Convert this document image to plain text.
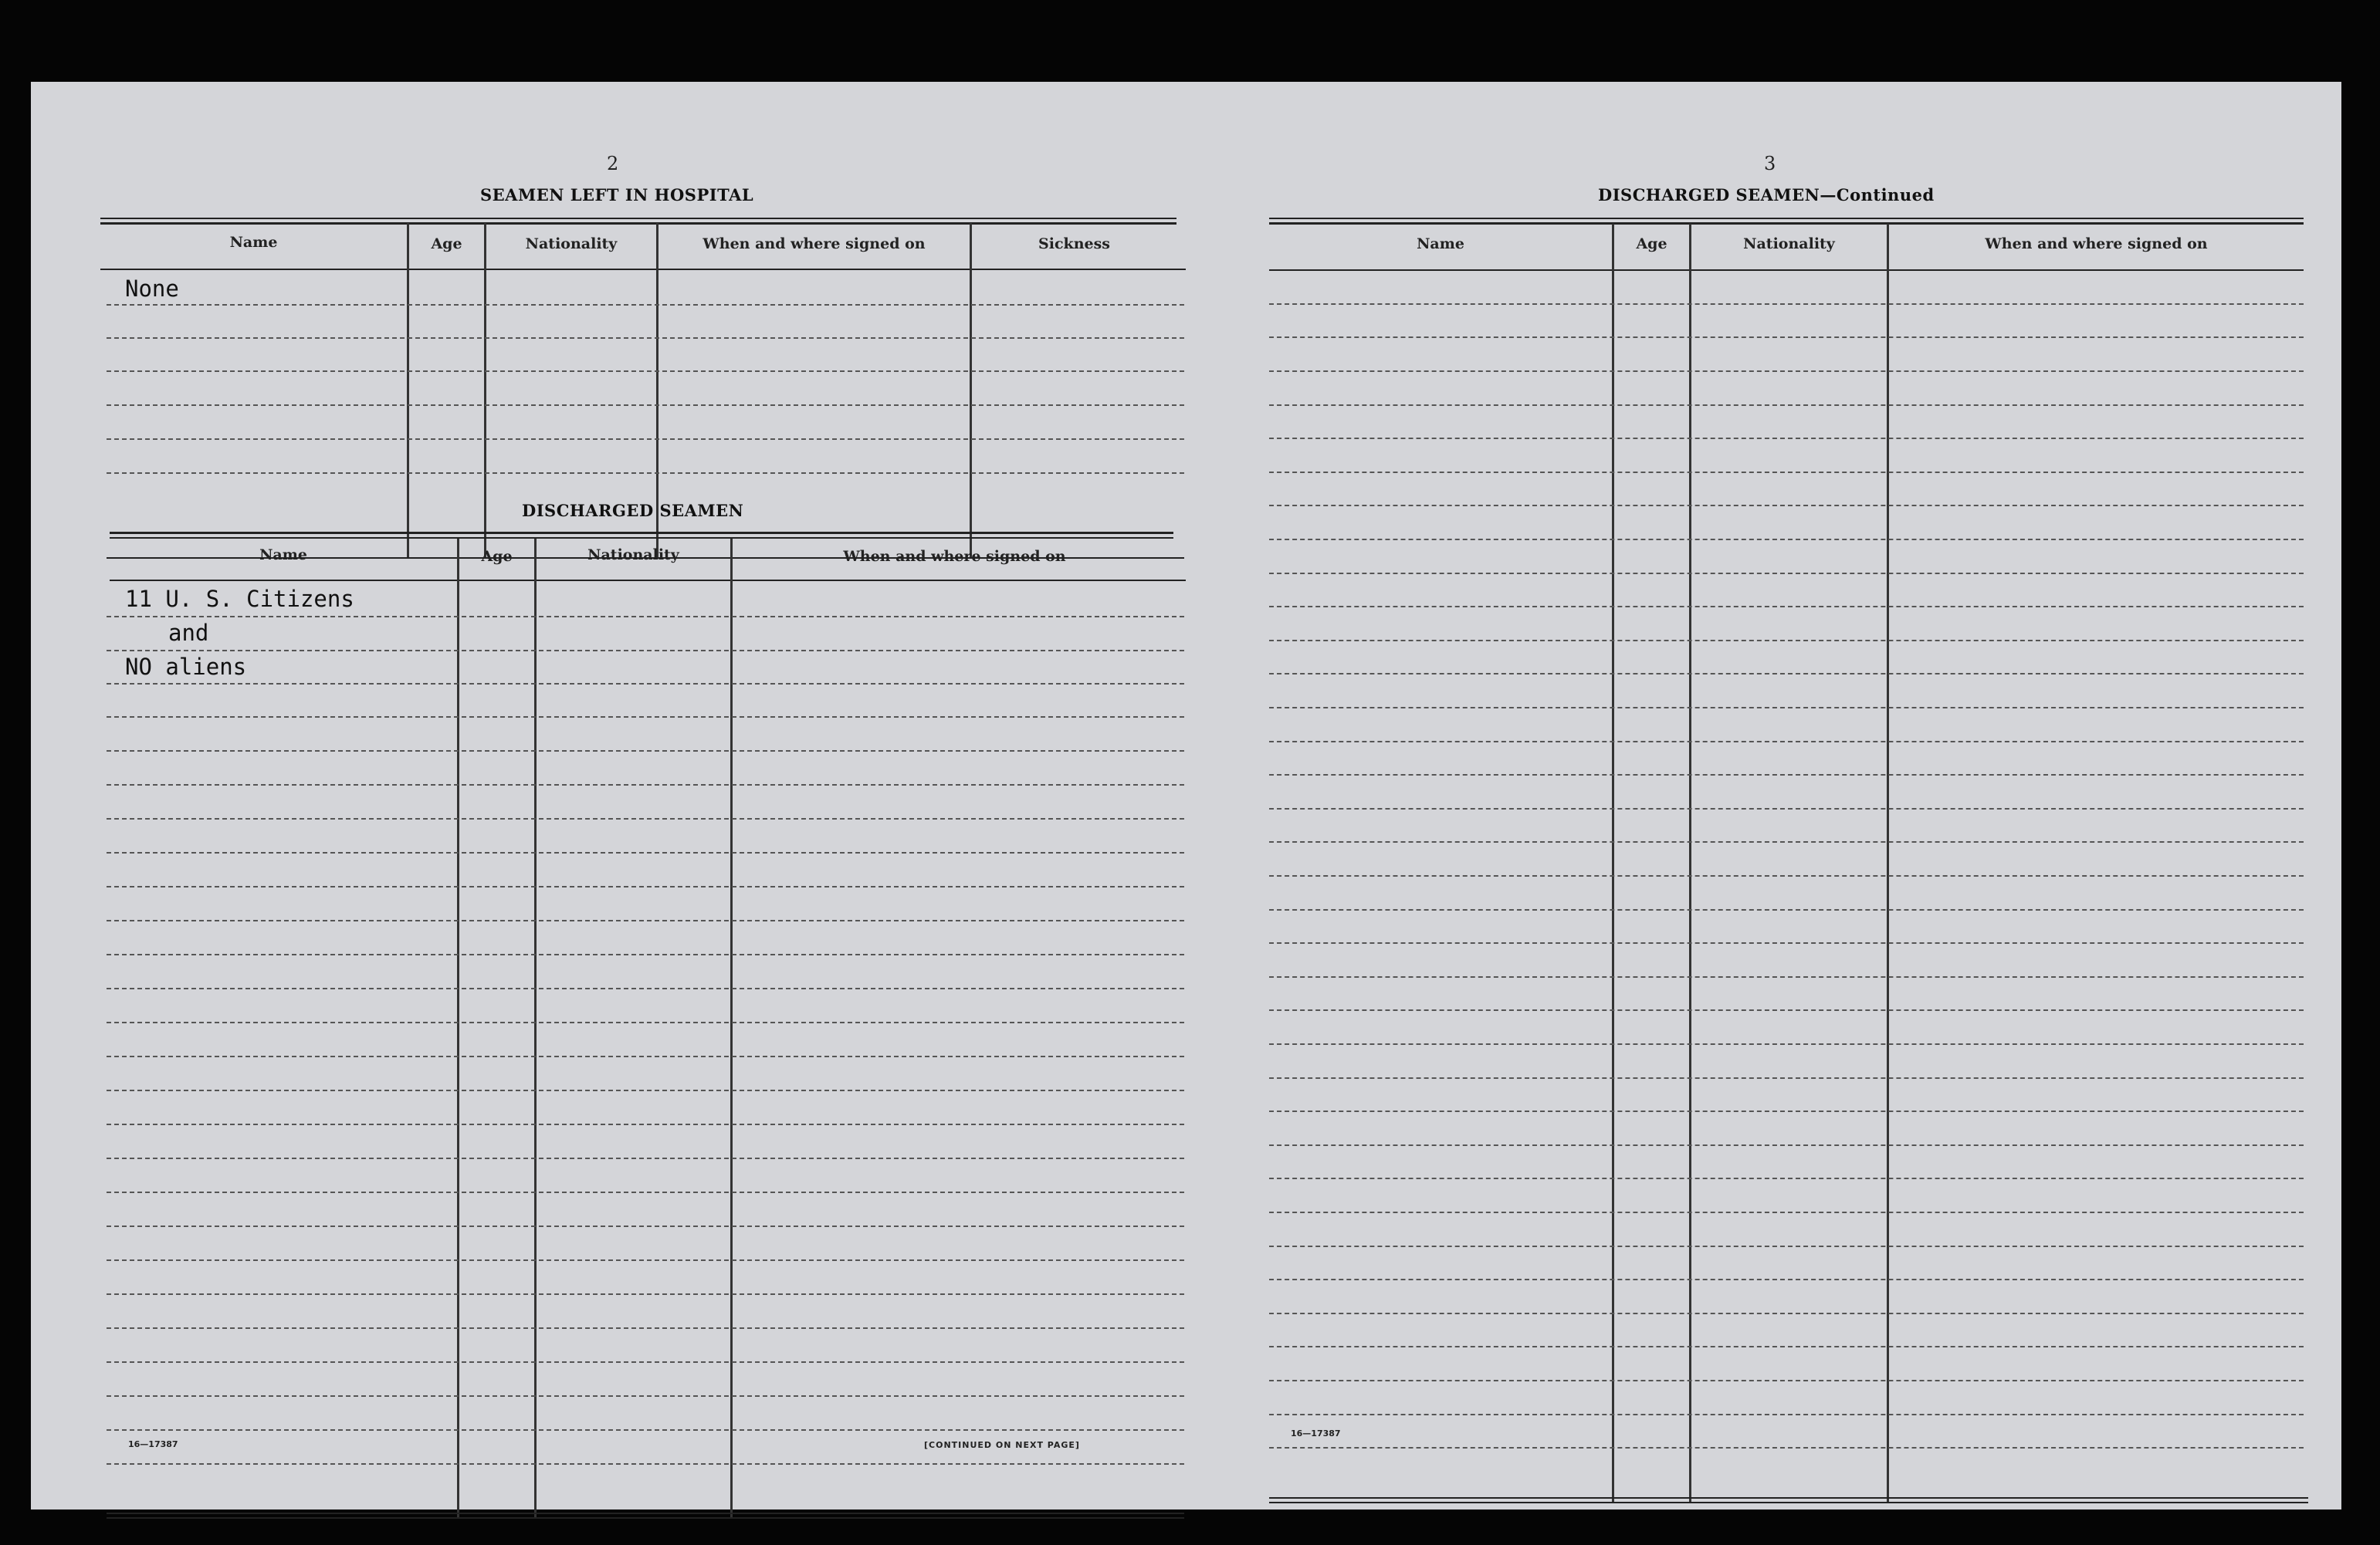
2
SEAMEN LEFT IN HOSPITAL
Name	Age	Nationality	When and where signed on	Sickness
None
DISCHARGED SEAMEN
Name	Age	Nationality	When and where signed on
11 U. S. Citizens
and
NO aliens
16—17387	[CONTINUED ON NEXT PAGE]
3
DISCHARGED SEAMEN—Continued
Name	Age	Nationality	When and where signed on
16—17387
